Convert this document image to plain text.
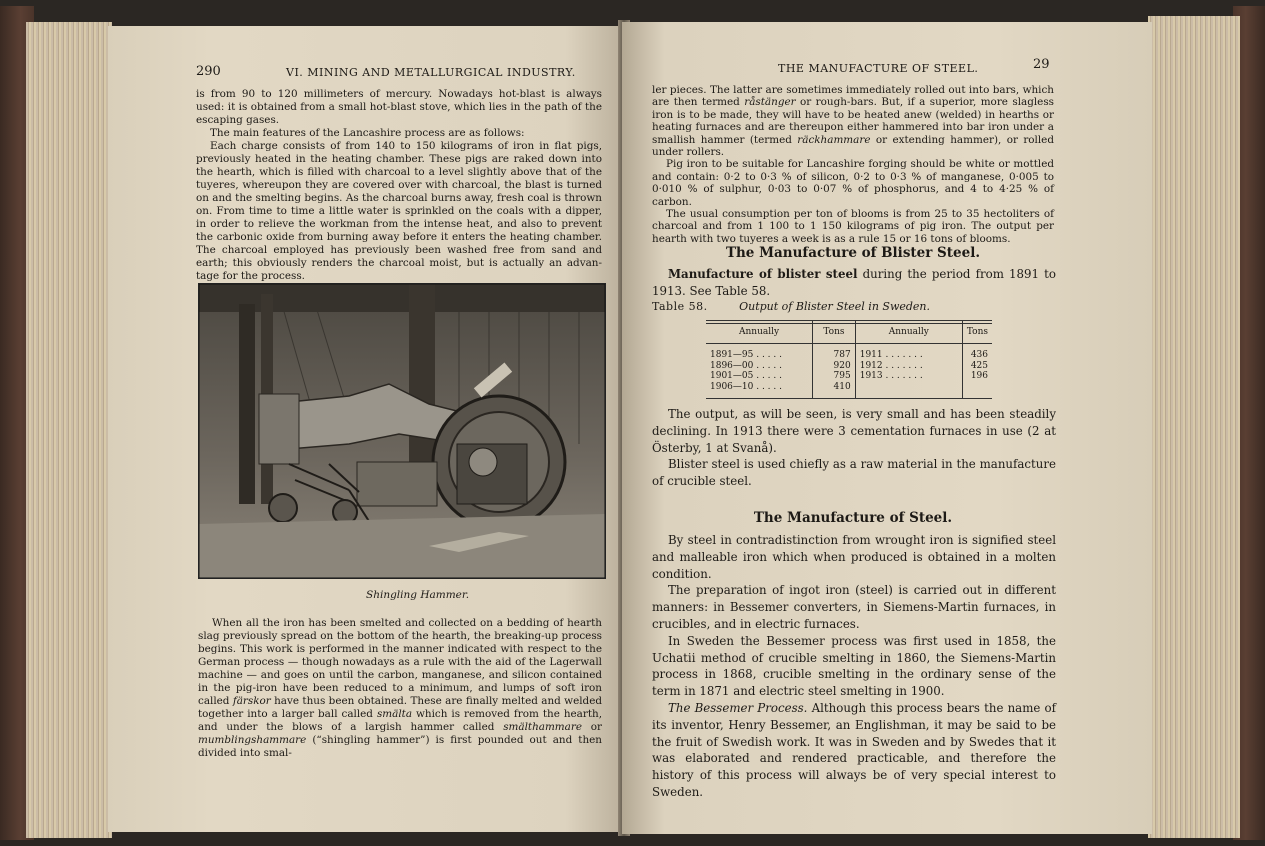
290	VI. MINING AND METALLURGICAL INDUSTRY.

is from 90 to 120 millimeters of mercury. Nowadays hot-blast is always used: it is obtained from a small hot-blast stove, which lies in the path of the escaping gases.

The main features of the Lancashire process are as follows:

Each charge consists of from 140 to 150 kilograms of iron in flat pigs, previously heated in the heating chamber. These pigs are raked down into the hearth, which is filled with charcoal to a level slightly above that of the tuyeres, whereupon they are covered over with charcoal, the blast is turned on and the smelting begins. As the charcoal burns away, fresh coal is thrown on. From time to time a little water is sprinkled on the coals with a dipper, in order to relieve the workman from the intense heat, and also to prevent the carbonic oxide from burning away before it enters the heating chamber. The charcoal employed has previously been washed free from sand and earth; this obviously renders the charcoal moist, but is actually an advantage for the process.

Shingling Hammer.

When all the iron has been smelted and collected on a bedding of hearth slag previously spread on the bottom of the hearth, the breaking-up process begins. This work is performed in the manner indicated with respect to the German process — though nowadays as a rule with the aid of the Lagerwall machine — and goes on until the carbon, manganese, and silicon contained in the pig-iron have been reduced to a minimum, and lumps of soft iron called färskor have thus been obtained. These are finally melted and welded together into a larger ball called smälta which is removed from the hearth, and under the blows of a largish hammer called smälthammare or mumblingshammare (“shingling hammer”) is first pounded out and then divided into smal-

THE MANUFACTURE OF STEEL.	29

ler pieces. The latter are sometimes immediately rolled out into bars, which are then termed råstänger or rough-bars. But, if a superior, more slagless iron is to be made, they will have to be heated anew (welded) in hearths or heating furnaces and are thereupon either hammered into bar iron under a smallish hammer (termed räckhammare or extending hammer), or rolled under rollers.

Pig iron to be suitable for Lancashire forging should be white or mottled and contain: 0·2 to 0·3 % of silicon, 0·2 to 0·3 % of manganese, 0·005 to 0·010 % of sulphur, 0·03 to 0·07 % of phosphorus, and 4 to 4·25 % of carbon.

The usual consumption per ton of blooms is from 25 to 35 hectoliters of charcoal and from 1 100 to 1 150 kilograms of pig iron. The output per hearth with two tuyeres a week is as a rule 15 or 16 tons of blooms.

The Manufacture of Blister Steel.

Manufacture of blister steel during the period from 1891 to 1913. See Table 58.

Table 58.	Output of Blister Steel in Sweden.
Annually	Tons	Annually	Tons
1891—95 . . . . .	787	1911 . . . . . . .	436
1896—00 . . . . .	920	1912 . . . . . . .	425
1901—05 . . . . .	795	1913 . . . . . . .	196
1906—10 . . . . .	410		

The output, as will be seen, is very small and has been steadily declining. In 1913 there were 3 cementation furnaces in use (2 at Österby, 1 at Svanå).

Blister steel is used chiefly as a raw material in the manufacture of crucible steel.

The Manufacture of Steel.

By steel in contradistinction from wrought iron is signified steel and malleable iron which when produced is obtained in a molten condition.

The preparation of ingot iron (steel) is carried out in different manners: in Bessemer converters, in Siemens-Martin furnaces, in crucibles, and in electric furnaces.

In Sweden the Bessemer process was first used in 1858, the Uchatii method of crucible smelting in 1860, the Siemens-Martin process in 1868, crucible smelting in the ordinary sense of the term in 1871 and electric steel smelting in 1900.

The Bessemer Process. Although this process bears the name of its inventor, Henry Bessemer, an Englishman, it may be said to be the fruit of Swedish work. It was in Sweden and by Swedes that it was elaborated and rendered practicable, and therefore the history of this process will always be of very special interest to Sweden.
